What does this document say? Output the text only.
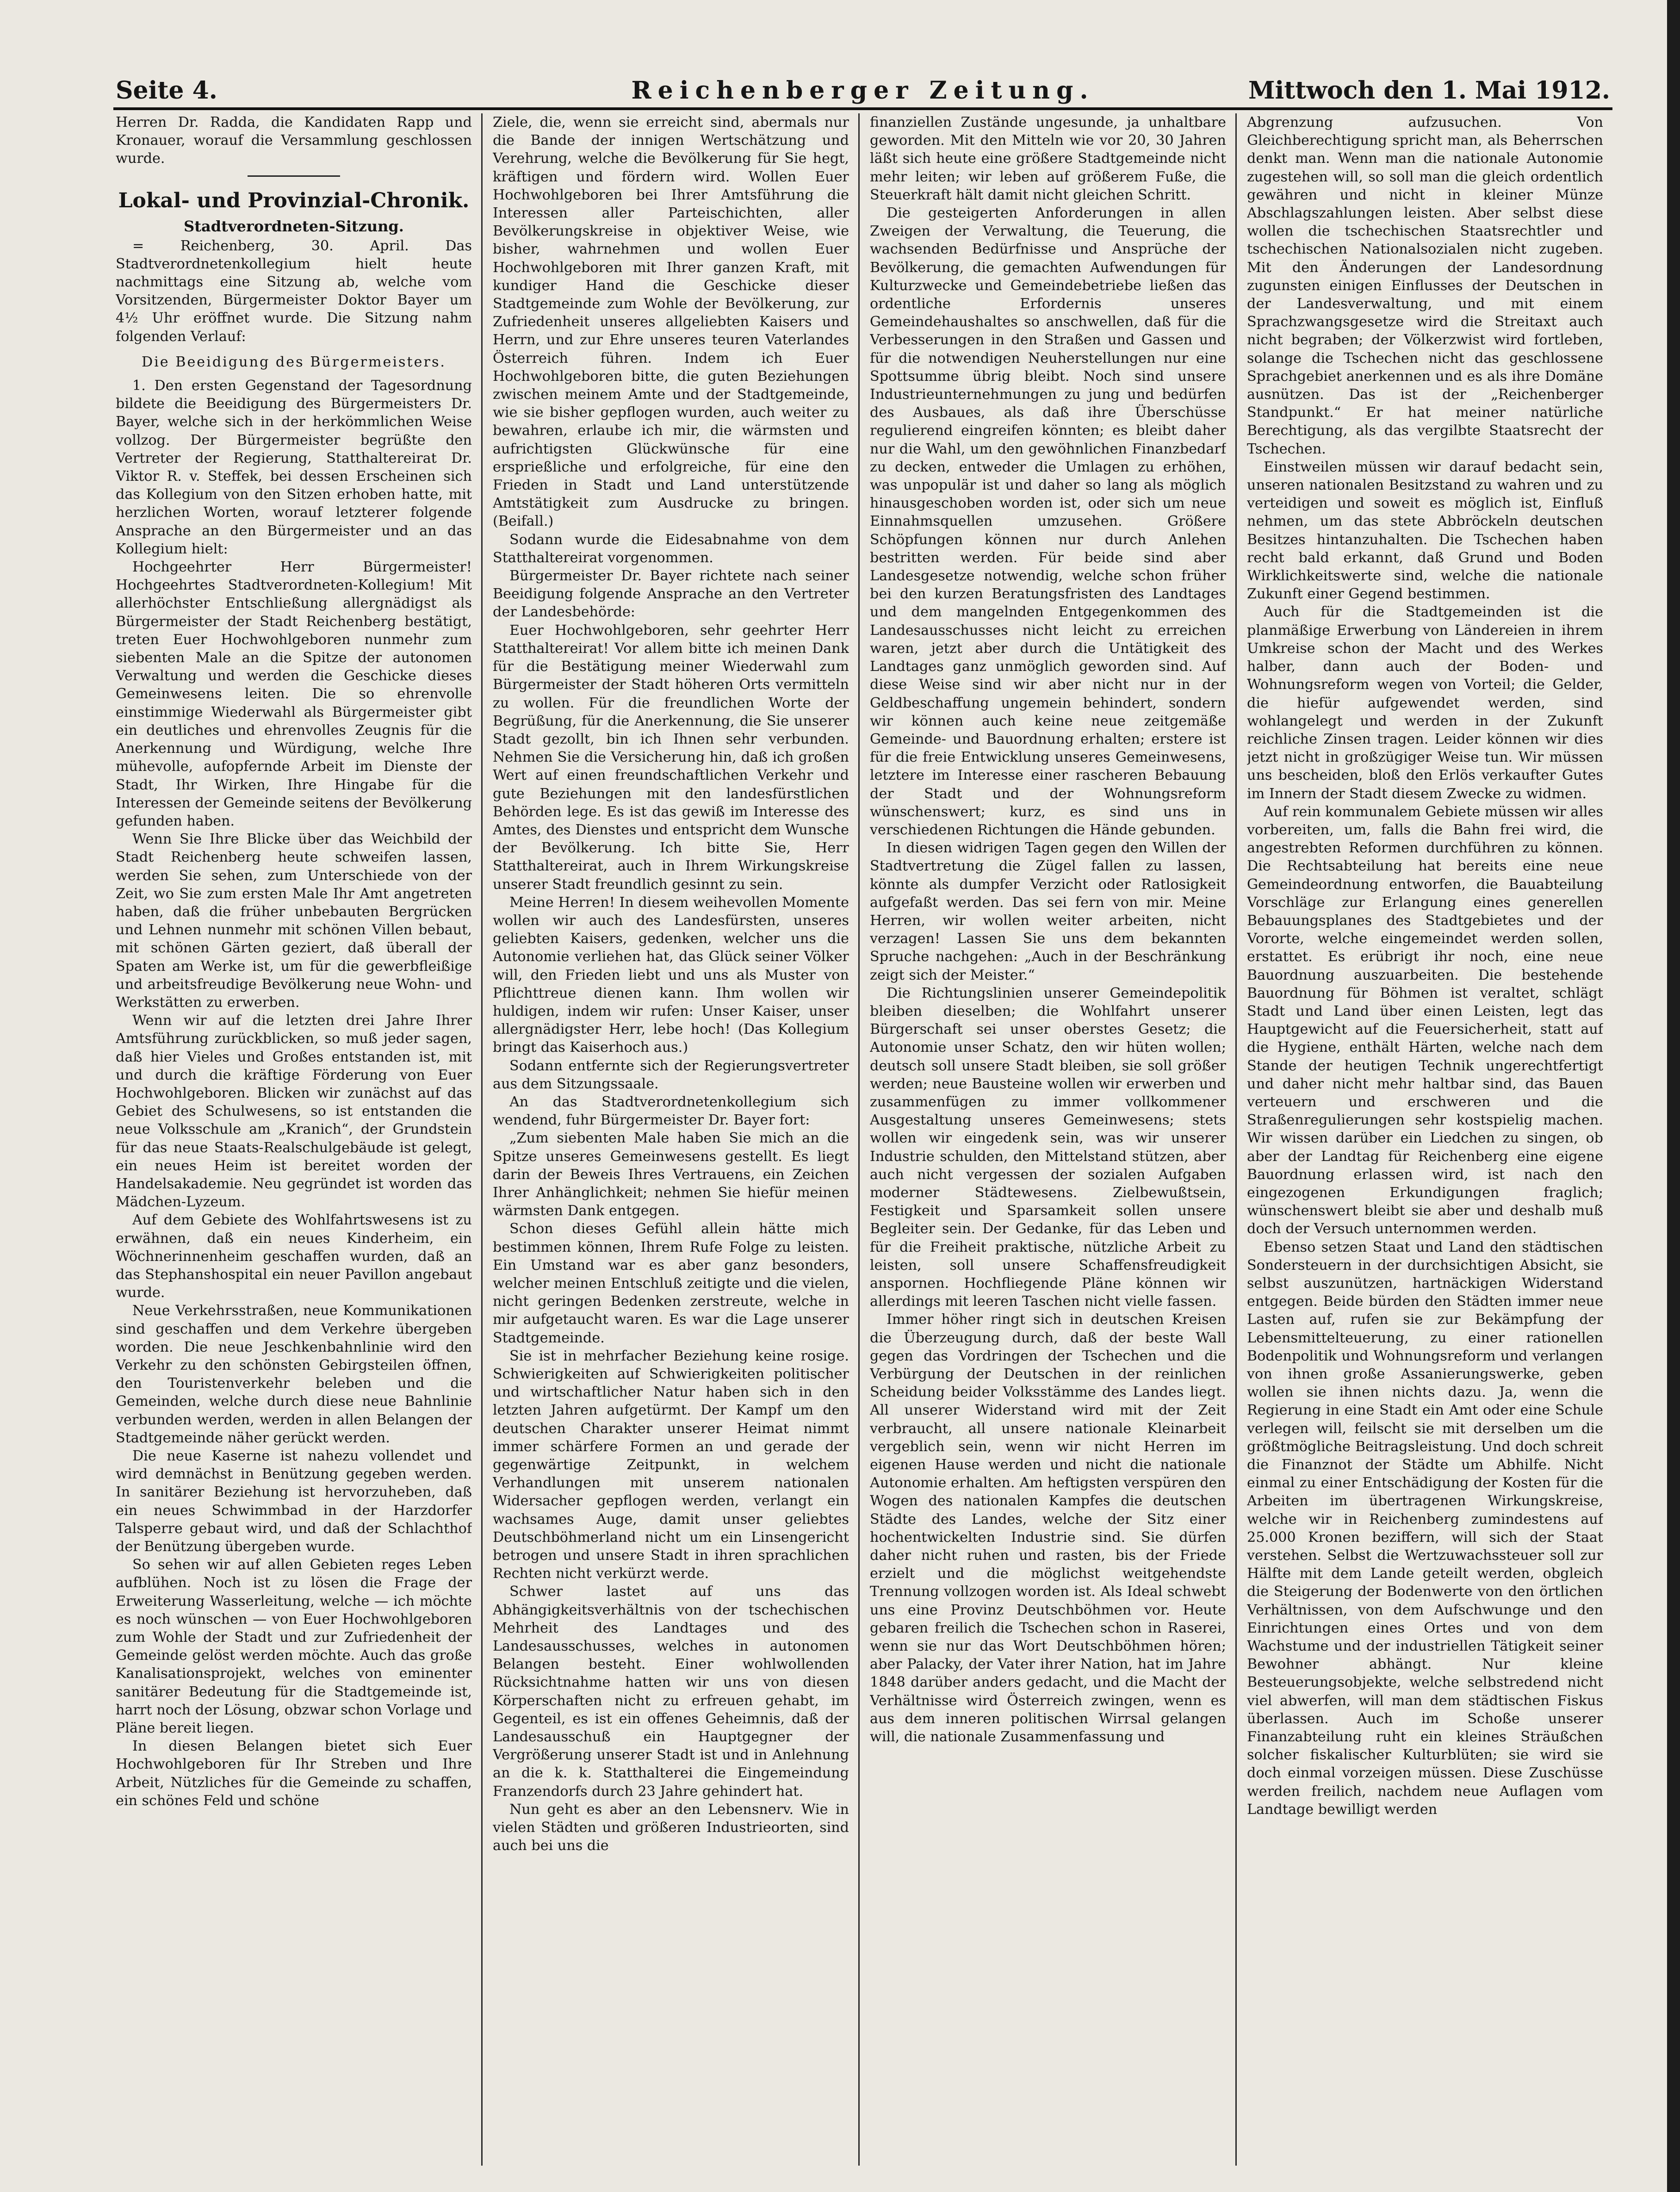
Seite 4.	Reichenberger Zeitung.	Mittwoch den 1. Mai 1912.

Herren Dr. Radda, die Kandidaten Rapp und Kronauer, worauf die Versammlung geschlossen wurde.

Lokal- und Provinzial-Chronik.
Stadtverordneten-Sitzung.

= Reichenberg, 30. April. Das Stadtverordnetenkollegium hielt heute nachmittags eine Sitzung ab, welche vom Vorsitzenden, Bürgermeister Doktor Bayer um 4½ Uhr eröffnet wurde. Die Sitzung nahm folgenden Verlauf:

Die Beeidigung des Bürgermeisters.

1. Den ersten Gegenstand der Tagesordnung bildete die Beeidigung des Bürgermeisters Dr. Bayer, welche sich in der herkömmlichen Weise vollzog. Der Bürgermeister begrüßte den Vertreter der Regierung, Statthaltereirat Dr. Viktor R. v. Steffek, bei dessen Erscheinen sich das Kollegium von den Sitzen erhoben hatte, mit herzlichen Worten, worauf letzterer folgende Ansprache an den Bürgermeister und an das Kollegium hielt:

Hochgeehrter Herr Bürgermeister! Hochgeehrtes Stadtverordneten-Kollegium! Mit allerhöchster Entschließung allergnädigst als Bürgermeister der Stadt Reichenberg bestätigt, treten Euer Hochwohlgeboren nunmehr zum siebenten Male an die Spitze der autonomen Verwaltung und werden die Geschicke dieses Gemeinwesens leiten. Die so ehrenvolle einstimmige Wiederwahl als Bürgermeister gibt ein deutliches und ehrenvolles Zeugnis für die Anerkennung und Würdigung, welche Ihre mühevolle, aufopfernde Arbeit im Dienste der Stadt, Ihr Wirken, Ihre Hingabe für die Interessen der Gemeinde seitens der Bevölkerung gefunden haben.

Wenn Sie Ihre Blicke über das Weichbild der Stadt Reichenberg heute schweifen lassen, werden Sie sehen, zum Unterschiede von der Zeit, wo Sie zum ersten Male Ihr Amt angetreten haben, daß die früher unbebauten Bergrücken und Lehnen nunmehr mit schönen Villen bebaut, mit schönen Gärten geziert, daß überall der Spaten am Werke ist, um für die gewerbfleißige und arbeitsfreudige Bevölkerung neue Wohn- und Werkstätten zu erwerben.

Wenn wir auf die letzten drei Jahre Ihrer Amtsführung zurückblicken, so muß jeder sagen, daß hier Vieles und Großes entstanden ist, mit und durch die kräftige Förderung von Euer Hochwohlgeboren. Blicken wir zunächst auf das Gebiet des Schulwesens, so ist entstanden die neue Volksschule am „Kranich“, der Grundstein für das neue Staats-Realschulgebäude ist gelegt, ein neues Heim ist bereitet worden der Handelsakademie. Neu gegründet ist worden das Mädchen-Lyzeum.

Auf dem Gebiete des Wohlfahrtswesens ist zu erwähnen, daß ein neues Kinderheim, ein Wöchnerinnenheim geschaffen wurden, daß an das Stephanshospital ein neuer Pavillon angebaut wurde.

Neue Verkehrsstraßen, neue Kommunikationen sind geschaffen und dem Verkehre übergeben worden. Die neue Jeschkenbahnlinie wird den Verkehr zu den schönsten Gebirgsteilen öffnen, den Touristenverkehr beleben und die Gemeinden, welche durch diese neue Bahnlinie verbunden werden, werden in allen Belangen der Stadtgemeinde näher gerückt werden.

Die neue Kaserne ist nahezu vollendet und wird demnächst in Benützung gegeben werden. In sanitärer Beziehung ist hervorzuheben, daß ein neues Schwimmbad in der Harzdorfer Talsperre gebaut wird, und daß der Schlachthof der Benützung übergeben wurde.

So sehen wir auf allen Gebieten reges Leben aufblühen. Noch ist zu lösen die Frage der Erweiterung Wasserleitung, welche — ich möchte es noch wünschen — von Euer Hochwohlgeboren zum Wohle der Stadt und zur Zufriedenheit der Gemeinde gelöst werden möchte. Auch das große Kanalisationsprojekt, welches von eminenter sanitärer Bedeutung für die Stadtgemeinde ist, harrt noch der Lösung, obzwar schon Vorlage und Pläne bereit liegen.

In diesen Belangen bietet sich Euer Hochwohlgeboren für Ihr Streben und Ihre Arbeit, Nützliches für die Gemeinde zu schaffen, ein schönes Feld und schöne

Ziele, die, wenn sie erreicht sind, abermals nur die Bande der innigen Wertschätzung und Verehrung, welche die Bevölkerung für Sie hegt, kräftigen und fördern wird. Wollen Euer Hochwohlgeboren bei Ihrer Amtsführung die Interessen aller Parteischichten, aller Bevölkerungskreise in objektiver Weise, wie bisher, wahrnehmen und wollen Euer Hochwohlgeboren mit Ihrer ganzen Kraft, mit kundiger Hand die Geschicke dieser Stadtgemeinde zum Wohle der Bevölkerung, zur Zufriedenheit unseres allgeliebten Kaisers und Herrn, und zur Ehre unseres teuren Vaterlandes Österreich führen. Indem ich Euer Hochwohlgeboren bitte, die guten Beziehungen zwischen meinem Amte und der Stadtgemeinde, wie sie bisher gepflogen wurden, auch weiter zu bewahren, erlaube ich mir, die wärmsten und aufrichtigsten Glückwünsche für eine ersprießliche und erfolgreiche, für eine den Frieden in Stadt und Land unterstützende Amtstätigkeit zum Ausdrucke zu bringen. (Beifall.)

Sodann wurde die Eidesabnahme von dem Statthaltereirat vorgenommen.

Bürgermeister Dr. Bayer richtete nach seiner Beeidigung folgende Ansprache an den Vertreter der Landesbehörde:

Euer Hochwohlgeboren, sehr geehrter Herr Statthaltereirat! Vor allem bitte ich meinen Dank für die Bestätigung meiner Wiederwahl zum Bürgermeister der Stadt höheren Orts vermitteln zu wollen. Für die freundlichen Worte der Begrüßung, für die Anerkennung, die Sie unserer Stadt gezollt, bin ich Ihnen sehr verbunden. Nehmen Sie die Versicherung hin, daß ich großen Wert auf einen freundschaftlichen Verkehr und gute Beziehungen mit den landesfürstlichen Behörden lege. Es ist das gewiß im Interesse des Amtes, des Dienstes und entspricht dem Wunsche der Bevölkerung. Ich bitte Sie, Herr Statthaltereirat, auch in Ihrem Wirkungskreise unserer Stadt freundlich gesinnt zu sein.

Meine Herren! In diesem weihevollen Momente wollen wir auch des Landesfürsten, unseres geliebten Kaisers, gedenken, welcher uns die Autonomie verliehen hat, das Glück seiner Völker will, den Frieden liebt und uns als Muster von Pflichttreue dienen kann. Ihm wollen wir huldigen, indem wir rufen: Unser Kaiser, unser allergnädigster Herr, lebe hoch! (Das Kollegium bringt das Kaiserhoch aus.)

Sodann entfernte sich der Regierungsvertreter aus dem Sitzungssaale.

An das Stadtverordnetenkollegium sich wendend, fuhr Bürgermeister Dr. Bayer fort:

„Zum siebenten Male haben Sie mich an die Spitze unseres Gemeinwesens gestellt. Es liegt darin der Beweis Ihres Vertrauens, ein Zeichen Ihrer Anhänglichkeit; nehmen Sie hiefür meinen wärmsten Dank entgegen.

Schon dieses Gefühl allein hätte mich bestimmen können, Ihrem Rufe Folge zu leisten. Ein Umstand war es aber ganz besonders, welcher meinen Entschluß zeitigte und die vielen, nicht geringen Bedenken zerstreute, welche in mir aufgetaucht waren. Es war die Lage unserer Stadtgemeinde.

Sie ist in mehrfacher Beziehung keine rosige. Schwierigkeiten auf Schwierigkeiten politischer und wirtschaftlicher Natur haben sich in den letzten Jahren aufgetürmt. Der Kampf um den deutschen Charakter unserer Heimat nimmt immer schärfere Formen an und gerade der gegenwärtige Zeitpunkt, in welchem Verhandlungen mit unserem nationalen Widersacher gepflogen werden, verlangt ein wachsames Auge, damit unser geliebtes Deutschböhmerland nicht um ein Linsengericht betrogen und unsere Stadt in ihren sprachlichen Rechten nicht verkürzt werde.

Schwer lastet auf uns das Abhängigkeitsverhältnis von der tschechischen Mehrheit des Landtages und des Landesausschusses, welches in autonomen Belangen besteht. Einer wohlwollenden Rücksichtnahme hatten wir uns von diesen Körperschaften nicht zu erfreuen gehabt, im Gegenteil, es ist ein offenes Geheimnis, daß der Landesausschuß ein Hauptgegner der Vergrößerung unserer Stadt ist und in Anlehnung an die k. k. Statthalterei die Eingemeindung Franzendorfs durch 23 Jahre gehindert hat.

Nun geht es aber an den Lebensnerv. Wie in vielen Städten und größeren Industrieorten, sind auch bei uns die

finanziellen Zustände ungesunde, ja unhaltbare geworden. Mit den Mitteln wie vor 20, 30 Jahren läßt sich heute eine größere Stadtgemeinde nicht mehr leiten; wir leben auf größerem Fuße, die Steuerkraft hält damit nicht gleichen Schritt.

Die gesteigerten Anforderungen in allen Zweigen der Verwaltung, die Teuerung, die wachsenden Bedürfnisse und Ansprüche der Bevölkerung, die gemachten Aufwendungen für Kulturzwecke und Gemeindebetriebe ließen das ordentliche Erfordernis unseres Gemeindehaushaltes so anschwellen, daß für die Verbesserungen in den Straßen und Gassen und für die notwendigen Neuherstellungen nur eine Spottsumme übrig bleibt. Noch sind unsere Industrieunternehmungen zu jung und bedürfen des Ausbaues, als daß ihre Überschüsse regulierend eingreifen könnten; es bleibt daher nur die Wahl, um den gewöhnlichen Finanzbedarf zu decken, entweder die Umlagen zu erhöhen, was unpopulär ist und daher so lang als möglich hinausgeschoben worden ist, oder sich um neue Einnahmsquellen umzusehen. Größere Schöpfungen können nur durch Anlehen bestritten werden. Für beide sind aber Landesgesetze notwendig, welche schon früher bei den kurzen Beratungsfristen des Landtages und dem mangelnden Entgegenkommen des Landesausschusses nicht leicht zu erreichen waren, jetzt aber durch die Untätigkeit des Landtages ganz unmöglich geworden sind. Auf diese Weise sind wir aber nicht nur in der Geldbeschaffung ungemein behindert, sondern wir können auch keine neue zeitgemäße Gemeinde- und Bauordnung erhalten; erstere ist für die freie Entwicklung unseres Gemeinwesens, letztere im Interesse einer rascheren Bebauung der Stadt und der Wohnungsreform wünschenswert; kurz, es sind uns in verschiedenen Richtungen die Hände gebunden.

In diesen widrigen Tagen gegen den Willen der Stadtvertretung die Zügel fallen zu lassen, könnte als dumpfer Verzicht oder Ratlosigkeit aufgefaßt werden. Das sei fern von mir. Meine Herren, wir wollen weiter arbeiten, nicht verzagen! Lassen Sie uns dem bekannten Spruche nachgehen: „Auch in der Beschränkung zeigt sich der Meister.“

Die Richtungslinien unserer Gemeindepolitik bleiben dieselben; die Wohlfahrt unserer Bürgerschaft sei unser oberstes Gesetz; die Autonomie unser Schatz, den wir hüten wollen; deutsch soll unsere Stadt bleiben, sie soll größer werden; neue Bausteine wollen wir erwerben und zusammenfügen zu immer vollkommener Ausgestaltung unseres Gemeinwesens; stets wollen wir eingedenk sein, was wir unserer Industrie schulden, den Mittelstand stützen, aber auch nicht vergessen der sozialen Aufgaben moderner Städtewesens. Zielbewußtsein, Festigkeit und Sparsamkeit sollen unsere Begleiter sein. Der Gedanke, für das Leben und für die Freiheit praktische, nützliche Arbeit zu leisten, soll unsere Schaffensfreudigkeit anspornen. Hochfliegende Pläne können wir allerdings mit leeren Taschen nicht vielle fassen.

Immer höher ringt sich in deutschen Kreisen die Überzeugung durch, daß der beste Wall gegen das Vordringen der Tschechen und die Verbürgung der Deutschen in der reinlichen Scheidung beider Volksstämme des Landes liegt. All unserer Widerstand wird mit der Zeit verbraucht, all unsere nationale Kleinarbeit vergeblich sein, wenn wir nicht Herren im eigenen Hause werden und nicht die nationale Autonomie erhalten. Am heftigsten verspüren den Wogen des nationalen Kampfes die deutschen Städte des Landes, welche der Sitz einer hochentwickelten Industrie sind. Sie dürfen daher nicht ruhen und rasten, bis der Friede erzielt und die möglichst weitgehendste Trennung vollzogen worden ist. Als Ideal schwebt uns eine Provinz Deutschböhmen vor. Heute gebaren freilich die Tschechen schon in Raserei, wenn sie nur das Wort Deutschböhmen hören; aber Palacky, der Vater ihrer Nation, hat im Jahre 1848 darüber anders gedacht, und die Macht der Verhältnisse wird Österreich zwingen, wenn es aus dem inneren politischen Wirrsal gelangen will, die nationale Zusammenfassung und

Abgrenzung aufzusuchen. Von Gleichberechtigung spricht man, als Beherrschen denkt man. Wenn man die nationale Autonomie zugestehen will, so soll man die gleich ordentlich gewähren und nicht in kleiner Münze Abschlagszahlungen leisten. Aber selbst diese wollen die tschechischen Staatsrechtler und tschechischen Nationalsozialen nicht zugeben. Mit den Änderungen der Landesordnung zugunsten einigen Einflusses der Deutschen in der Landesverwaltung, und mit einem Sprachzwangsgesetze wird die Streitaxt auch nicht begraben; der Völkerzwist wird fortleben, solange die Tschechen nicht das geschlossene Sprachgebiet anerkennen und es als ihre Domäne ausnützen. Das ist der „Reichenberger Standpunkt.“ Er hat meiner natürliche Berechtigung, als das vergilbte Staatsrecht der Tschechen.

Einstweilen müssen wir darauf bedacht sein, unseren nationalen Besitzstand zu wahren und zu verteidigen und soweit es möglich ist, Einfluß nehmen, um das stete Abbröckeln deutschen Besitzes hintanzuhalten. Die Tschechen haben recht bald erkannt, daß Grund und Boden Wirklichkeitswerte sind, welche die nationale Zukunft einer Gegend bestimmen.

Auch für die Stadtgemeinden ist die planmäßige Erwerbung von Ländereien in ihrem Umkreise schon der Macht und des Werkes halber, dann auch der Boden- und Wohnungsreform wegen von Vorteil; die Gelder, die hiefür aufgewendet werden, sind wohlangelegt und werden in der Zukunft reichliche Zinsen tragen. Leider können wir dies jetzt nicht in großzügiger Weise tun. Wir müssen uns bescheiden, bloß den Erlös verkaufter Gutes im Innern der Stadt diesem Zwecke zu widmen.

Auf rein kommunalem Gebiete müssen wir alles vorbereiten, um, falls die Bahn frei wird, die angestrebten Reformen durchführen zu können. Die Rechtsabteilung hat bereits eine neue Gemeindeordnung entworfen, die Bauabteilung Vorschläge zur Erlangung eines generellen Bebauungsplanes des Stadtgebietes und der Vororte, welche eingemeindet werden sollen, erstattet. Es erübrigt ihr noch, eine neue Bauordnung auszuarbeiten. Die bestehende Bauordnung für Böhmen ist veraltet, schlägt Stadt und Land über einen Leisten, legt das Hauptgewicht auf die Feuersicherheit, statt auf die Hygiene, enthält Härten, welche nach dem Stande der heutigen Technik ungerechtfertigt und daher nicht mehr haltbar sind, das Bauen verteuern und erschweren und die Straßenregulierungen sehr kostspielig machen. Wir wissen darüber ein Liedchen zu singen, ob aber der Landtag für Reichenberg eine eigene Bauordnung erlassen wird, ist nach den eingezogenen Erkundigungen fraglich; wünschenswert bleibt sie aber und deshalb muß doch der Versuch unternommen werden.

Ebenso setzen Staat und Land den städtischen Sondersteuern in der durchsichtigen Absicht, sie selbst auszunützen, hartnäckigen Widerstand entgegen. Beide bürden den Städten immer neue Lasten auf, rufen sie zur Bekämpfung der Lebensmittelteuerung, zu einer rationellen Bodenpolitik und Wohnungsreform und verlangen von ihnen große Assanierungswerke, geben wollen sie ihnen nichts dazu. Ja, wenn die Regierung in eine Stadt ein Amt oder eine Schule verlegen will, feilscht sie mit derselben um die größtmögliche Beitragsleistung. Und doch schreit die Finanznot der Städte um Abhilfe. Nicht einmal zu einer Entschädigung der Kosten für die Arbeiten im übertragenen Wirkungskreise, welche wir in Reichenberg zumindestens auf 25.000 Kronen beziffern, will sich der Staat verstehen. Selbst die Wertzuwachssteuer soll zur Hälfte mit dem Lande geteilt werden, obgleich die Steigerung der Bodenwerte von den örtlichen Verhältnissen, von dem Aufschwunge und den Einrichtungen eines Ortes und von dem Wachstume und der industriellen Tätigkeit seiner Bewohner abhängt. Nur kleine Besteuerungsobjekte, welche selbstredend nicht viel abwerfen, will man dem städtischen Fiskus überlassen. Auch im Schoße unserer Finanzabteilung ruht ein kleines Sträußchen solcher fiskalischer Kulturblüten; sie wird sie doch einmal vorzeigen müssen. Diese Zuschüsse werden freilich, nachdem neue Auflagen vom Landtage bewilligt werden
